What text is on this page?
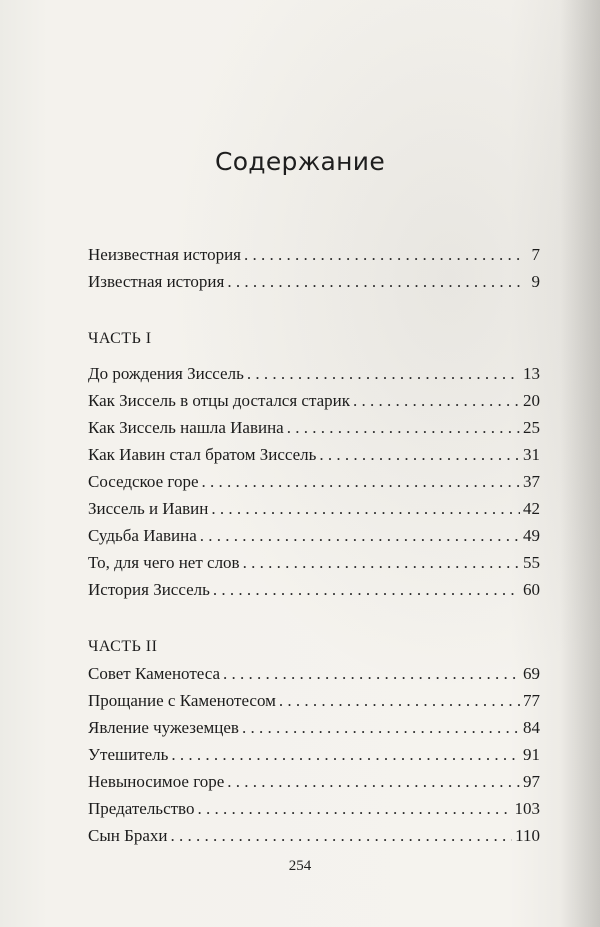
Содержание
Неизвестная история . . .	7
Известная история . . .	9
ЧАСТЬ I
До рождения Зиссель . . .	13
Как Зиссель в отцы достался старик . . .	20
Как Зиссель нашла Иавина . . .	25
Как Иавин стал братом Зиссель . . .	31
Соседское горе . . .	37
Зиссель и Иавин . . .	42
Судьба Иавина . . .	49
То, для чего нет слов . . .	55
История Зиссель . . .	60
ЧАСТЬ II
Совет Каменотеса . . .	69
Прощание с Каменотесом . . .	77
Явление чужеземцев . . .	84
Утешитель . . .	91
Невыносимое горе . . .	97
Предательство . . .	103
Сын Брахи . . .	110
254
